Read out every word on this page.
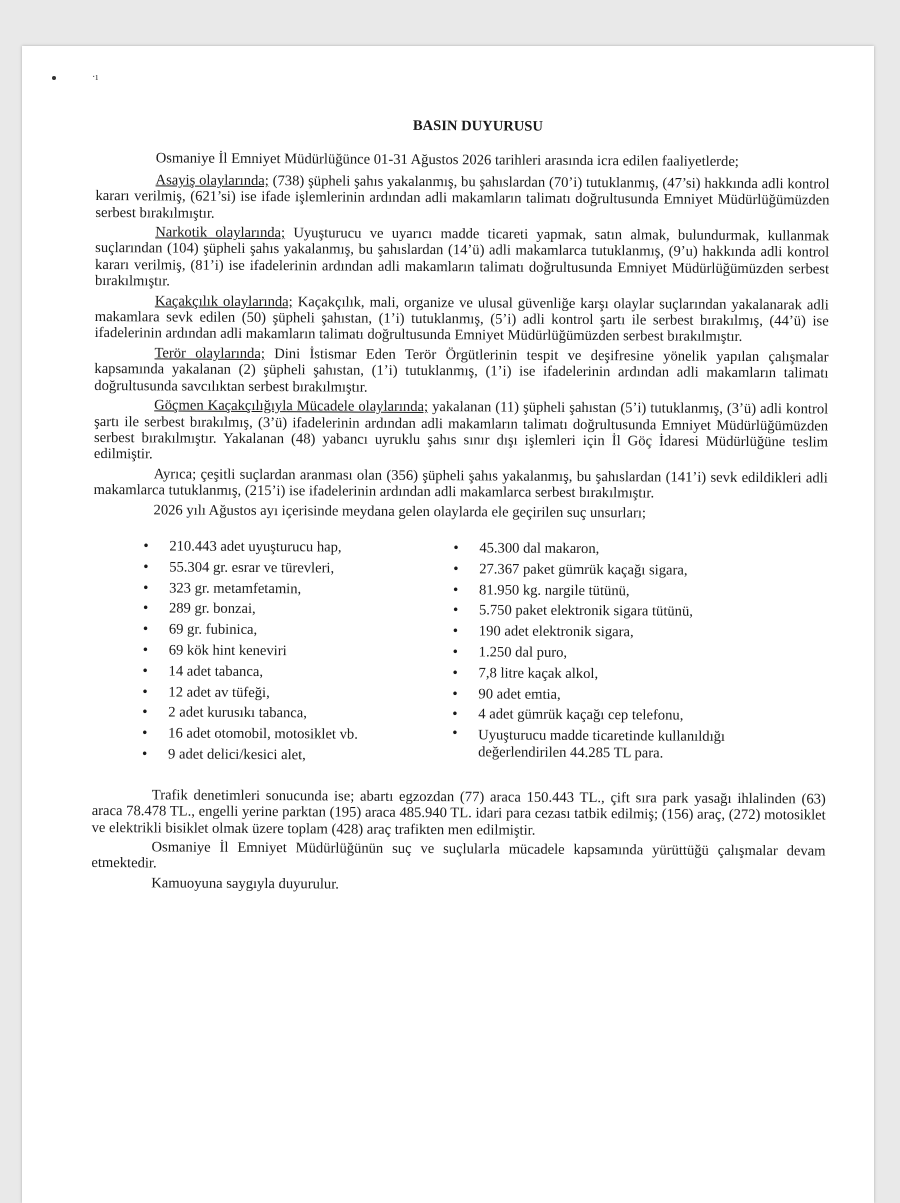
·ı
BASIN DUYURUSU

Osmaniye İl Emniyet Müdürlüğünce 01-31 Ağustos 2026 tarihleri arasında icra edilen faaliyetlerde;

Asayiş olaylarında; (738) şüpheli şahıs yakalanmış, bu şahıslardan (70’i) tutuklanmış, (47’si) hakkında adli kontrol kararı verilmiş, (621’si) ise ifade işlemlerinin ardından adli makamların talimatı doğrultusunda Emniyet Müdürlüğümüzden serbest bırakılmıştır.

Narkotik olaylarında; Uyuşturucu ve uyarıcı madde ticareti yapmak, satın almak, bulundurmak, kullanmak suçlarından (104) şüpheli şahıs yakalanmış, bu şahıslardan (14’ü) adli makamlarca tutuklanmış, (9’u) hakkında adli kontrol kararı verilmiş, (81’i) ise ifadelerinin ardından adli makamların talimatı doğrultusunda Emniyet Müdürlüğümüzden serbest bırakılmıştır.

Kaçakçılık olaylarında; Kaçakçılık, mali, organize ve ulusal güvenliğe karşı olaylar suçlarından yakalanarak adli makamlara sevk edilen (50) şüpheli şahıstan, (1’i) tutuklanmış, (5’i) adli kontrol şartı ile serbest bırakılmış, (44’ü) ise ifadelerinin ardından adli makamların talimatı doğrultusunda Emniyet Müdürlüğümüzden serbest bırakılmıştır.

Terör olaylarında; Dini İstismar Eden Terör Örgütlerinin tespit ve deşifresine yönelik yapılan çalışmalar kapsamında yakalanan (2) şüpheli şahıstan, (1’i) tutuklanmış, (1’i) ise ifadelerinin ardından adli makamların talimatı doğrultusunda savcılıktan serbest bırakılmıştır.

Göçmen Kaçakçılığıyla Mücadele olaylarında; yakalanan (11) şüpheli şahıstan (5’i) tutuklanmış, (3’ü) adli kontrol şartı ile serbest bırakılmış, (3’ü) ifadelerinin ardından adli makamların talimatı doğrultusunda Emniyet Müdürlüğümüzden serbest bırakılmıştır. Yakalanan (48) yabancı uyruklu şahıs sınır dışı işlemleri için İl Göç İdaresi Müdürlüğüne teslim edilmiştir.

Ayrıca; çeşitli suçlardan aranması olan (356) şüpheli şahıs yakalanmış, bu şahıslardan (141’i) sevk edildikleri adli makamlarca tutuklanmış, (215’i) ise ifadelerinin ardından adli makamlarca serbest bırakılmıştır.

2026 yılı Ağustos ayı içerisinde meydana gelen olaylarda ele geçirilen suç unsurları;

• 210.443 adet uyuşturucu hap,
• 55.304 gr. esrar ve türevleri,
• 323 gr. metamfetamin,
• 289 gr. bonzai,
• 69 gr. fubinica,
• 69 kök hint keneviri
• 14 adet tabanca,
• 12 adet av tüfeği,
• 2 adet kurusıkı tabanca,
• 16 adet otomobil, motosiklet vb.
• 9 adet delici/kesici alet,
• 45.300 dal makaron,
• 27.367 paket gümrük kaçağı sigara,
• 81.950 kg. nargile tütünü,
• 5.750 paket elektronik sigara tütünü,
• 190 adet elektronik sigara,
• 1.250 dal puro,
• 7,8 litre kaçak alkol,
• 90 adet emtia,
• 4 adet gümrük kaçağı cep telefonu,
• Uyuşturucu madde ticaretinde kullanıldığı değerlendirilen 44.285 TL para.

Trafik denetimleri sonucunda ise; abartı egzozdan (77) araca 150.443 TL., çift sıra park yasağı ihlalinden (63) araca 78.478 TL., engelli yerine parktan (195) araca 485.940 TL. idari para cezası tatbik edilmiş; (156) araç, (272) motosiklet ve elektrikli bisiklet olmak üzere toplam (428) araç trafikten men edilmiştir.

Osmaniye İl Emniyet Müdürlüğünün suç ve suçlularla mücadele kapsamında yürüttüğü çalışmalar devam etmektedir.

Kamuoyuna saygıyla duyurulur.
